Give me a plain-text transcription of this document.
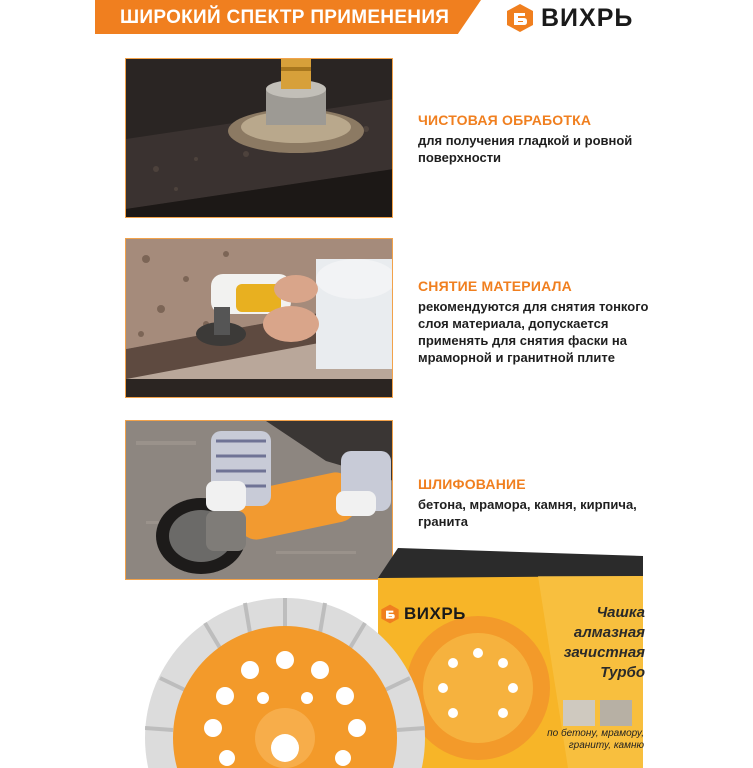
ШИРОКИЙ СПЕКТР ПРИМЕНЕНИЯ	ВИХРЬ
ЧИСТОВАЯ ОБРАБОТКА
для получения гладкой и ровной поверхности
СНЯТИЕ МАТЕРИАЛА
рекомендуются для снятия тонкого слоя материала, допускается применять для снятия фаски на мраморной и гранитной плите
ШЛИФОВАНИЕ
бетона, мрамора, камня, кирпича, гранита
ВИХРЬ	Чашка
алмазная
зачистная
Турбо
по бетону, мрамору, граниту, камню
